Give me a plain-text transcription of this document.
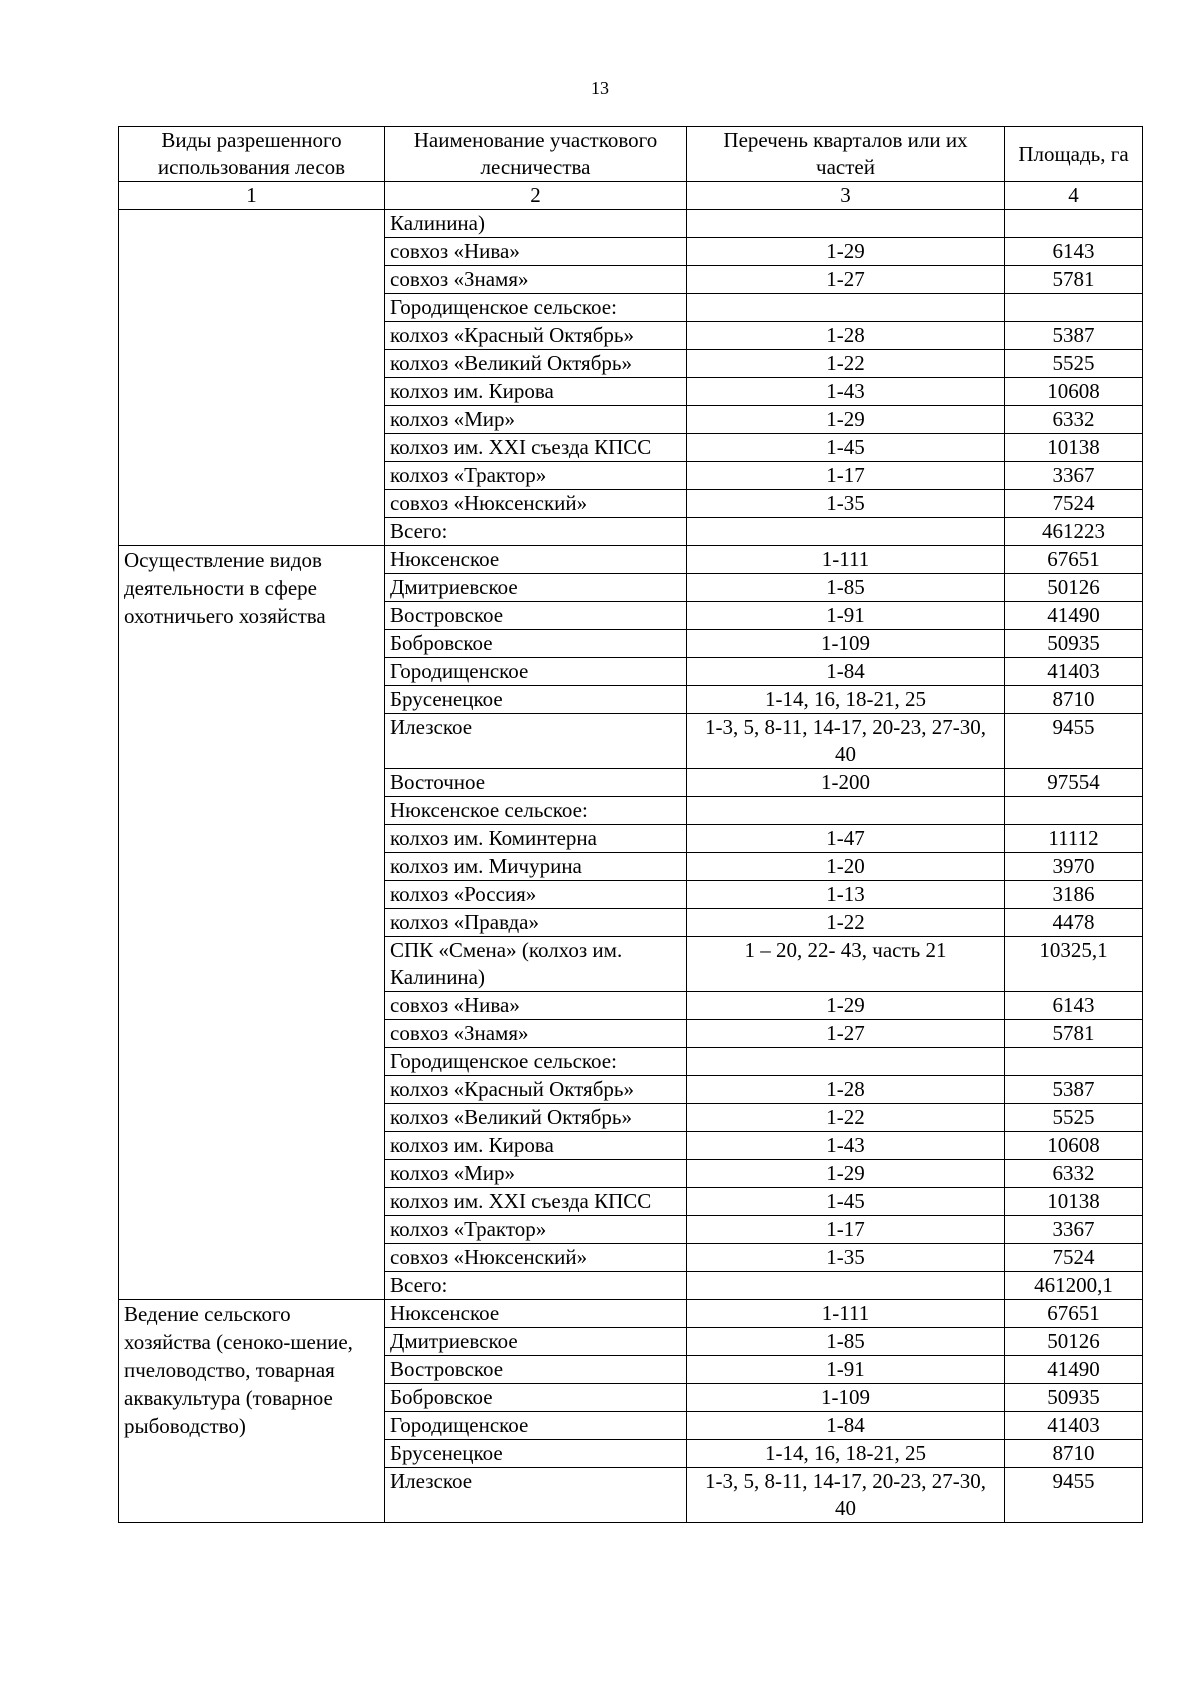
13
Виды разрешенного использования лесов	Наименование участкового лесничества	Перечень кварталов или их частей	Площадь, га
1	2	3	4
	Калинина)		
	совхоз «Нива»	1-29	6143
	совхоз «Знамя»	1-27	5781
	Городищенское сельское:		
	колхоз «Красный Октябрь»	1-28	5387
	колхоз «Великий Октябрь»	1-22	5525
	колхоз им. Кирова	1-43	10608
	колхоз «Мир»	1-29	6332
	колхоз им. XXI съезда КПСС	1-45	10138
	колхоз «Трактор»	1-17	3367
	совхоз «Нюксенский»	1-35	7524
	Всего:		461223
Осуществление видов деятельности в сфере охотничьего хозяйства	Нюксенское	1-111	67651
	Дмитриевское	1-85	50126
	Востровское	1-91	41490
	Бобровское	1-109	50935
	Городищенское	1-84	41403
	Брусенецкое	1-14, 16, 18-21, 25	8710
	Илезское	1-3, 5, 8-11, 14-17, 20-23, 27-30, 40	9455
	Восточное	1-200	97554
	Нюксенское сельское:		
	колхоз им. Коминтерна	1-47	11112
	колхоз им. Мичурина	1-20	3970
	колхоз «Россия»	1-13	3186
	колхоз «Правда»	1-22	4478
	СПК «Смена» (колхоз им. Калинина)	1 – 20, 22- 43, часть 21	10325,1
	совхоз «Нива»	1-29	6143
	совхоз «Знамя»	1-27	5781
	Городищенское сельское:		
	колхоз «Красный Октябрь»	1-28	5387
	колхоз «Великий Октябрь»	1-22	5525
	колхоз им. Кирова	1-43	10608
	колхоз «Мир»	1-29	6332
	колхоз им. XXI съезда КПСС	1-45	10138
	колхоз «Трактор»	1-17	3367
	совхоз «Нюксенский»	1-35	7524
	Всего:		461200,1
Ведение сельского хозяйства (сеноко-шение, пчеловодство, товарная аквакультура (товарное рыбоводство)	Нюксенское	1-111	67651
	Дмитриевское	1-85	50126
	Востровское	1-91	41490
	Бобровское	1-109	50935
	Городищенское	1-84	41403
	Брусенецкое	1-14, 16, 18-21, 25	8710
	Илезское	1-3, 5, 8-11, 14-17, 20-23, 27-30, 40	9455
